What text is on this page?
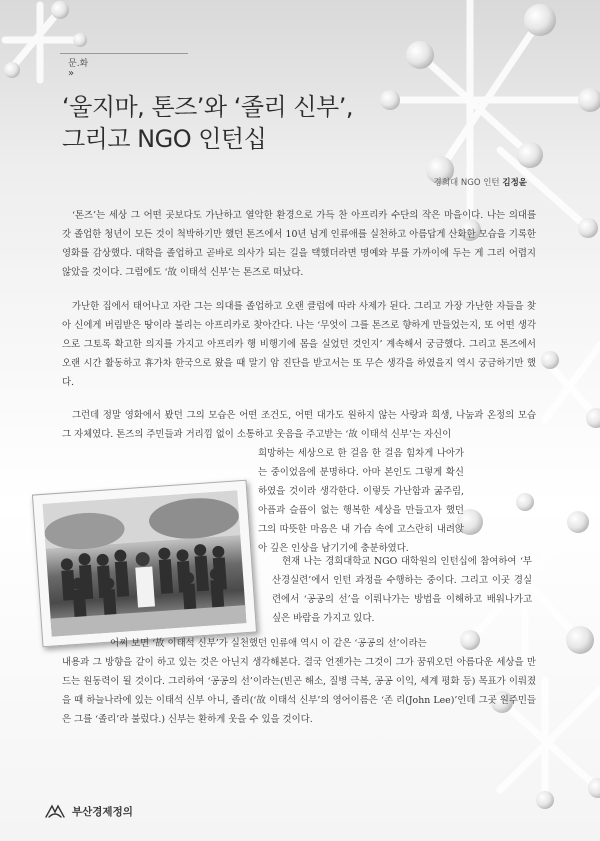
문.화
»
‘울지마, 톤즈’와 ‘졸리 신부’,
그리고 NGO 인턴십
경희대 NGO 인턴 김정윤

‘톤즈’는 세상 그 어떤 곳보다도 가난하고 열악한 환경으로 가득 찬 아프리카 수단의 작은 마을이다. 나는 의대를 갓 졸업한 청년이 모든 것이 척박하기만 했던 톤즈에서 10년 넘게 인류애를 실천하고 아름답게 산화한 모습을 기록한 영화를 감상했다. 대학을 졸업하고 곧바로 의사가 되는 길을 택했더라면 명예와 부를 가까이에 두는 게 그리 어렵지 않았을 것이다. 그럼에도 ‘故 이태석 신부’는 톤즈로 떠났다.

가난한 집에서 태어나고 자란 그는 의대를 졸업하고 오랜 클럽에 따라 사제가 된다. 그리고 가장 가난한 자들을 찾아 신에게 버림받은 땅이라 불리는 아프리카로 찾아간다. 나는 ‘무엇이 그를 톤즈로 향하게 만들었는지, 또 어떤 생각으로 그토록 확고한 의지를 가지고 아프리카 행 비행기에 몸을 실었던 것인지’ 계속해서 궁금했다. 그리고 톤즈에서 오랜 시간 활동하고 휴가차 한국으로 왔을 때 말기 암 진단을 받고서는 또 무슨 생각을 하였을지 역시 궁금하기만 했다.

그런데 정말 영화에서 봤던 그의 모습은 어떤 조건도, 어떤 대가도 원하지 않는 사랑과 희생, 나눔과 온정의 모습 그 자체였다. 톤즈의 주민들과 거리낌 없이 소통하고 웃음을 주고받는 ‘故 이태석 신부’는 자신이

희망하는 세상으로 한 걸음 한 걸음 힘차게 나아가는 중이었음에 분명하다. 아마 본인도 그렇게 확신하였을 것이라 생각한다. 이렇듯 가난함과 굶주림, 아픔과 슬픔이 없는 행복한 세상을 만들고자 했던 그의 따뜻한 마음은 내 가슴 속에 고스란히 내려앉아 깊은 인상을 남기기에 충분하였다.

현재 나는 경희대학교 NGO 대학원의 인턴십에 참여하여 ‘부산경실련’에서 인턴 과정을 수행하는 중이다. 그리고 이곳 경실련에서 ‘공공의 선’을 이뤄나가는 방법을 이해하고 배워나가고 싶은 바람을 가지고 있다.

어찌 보면 ‘故 이태석 신부’가 실천했던 인류애 역시 이 같은 ‘공공의 선’이라는

내용과 그 방향을 같이 하고 있는 것은 아닌지 생각해본다. 결국 언젠가는 그것이 그가 꿈꿔오던 아름다운 세상을 만드는 원동력이 될 것이다. 그리하여 ‘공공의 선’이라는(빈곤 해소, 질병 극복, 공공 이익, 세계 평화 등) 목표가 이뤄졌을 때 하늘나라에 있는 이태석 신부 아니, 졸리(‘故 이태석 신부’의 영어이름은 ‘존 리(John Lee)’인데 그곳 원주민들은 그를 ‘졸리’라 불렀다.) 신부는 환하게 웃을 수 있을 것이다.

부산경제정의
